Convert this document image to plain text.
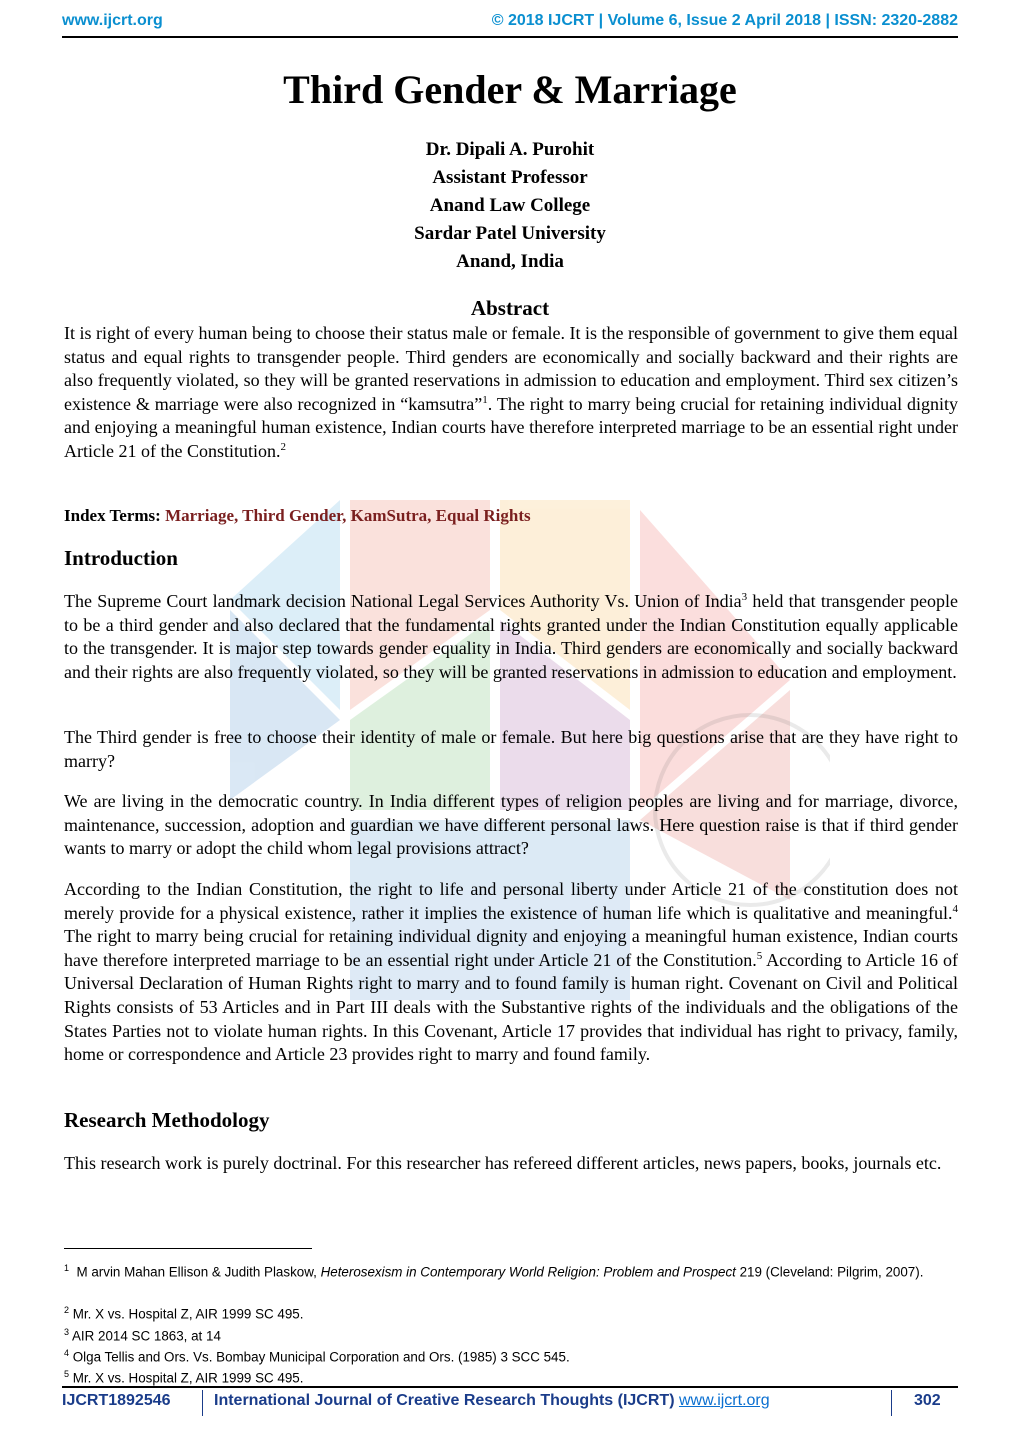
www.ijcrt.org	© 2018 IJCRT | Volume 6, Issue 2 April 2018 | ISSN: 2320-2882
Third Gender & Marriage
Dr. Dipali A. Purohit
Assistant Professor
Anand Law College
Sardar Patel University
Anand, India
Abstract
It is right of every human being to choose their status male or female. It is the responsible of government to give them equal status and equal rights to transgender people. Third genders are economically and socially backward and their rights are also frequently violated, so they will be granted reservations in admission to education and employment. Third sex citizen’s existence & marriage were also recognized in “kamsutra”$^1$. The right to marry being crucial for retaining individual dignity and enjoying a meaningful human existence, Indian courts have therefore interpreted marriage to be an essential right under Article 21 of the Constitution.$^2$
Index Terms: Marriage, Third Gender, KamSutra, Equal Rights
Introduction
The Supreme Court landmark decision National Legal Services Authority Vs. Union of India$^3$ held that transgender people to be a third gender and also declared that the fundamental rights granted under the Indian Constitution equally applicable to the transgender. It is major step towards gender equality in India. Third genders are economically and socially backward and their rights are also frequently violated, so they will be granted reservations in admission to education and employment.
The Third gender is free to choose their identity of male or female. But here big questions arise that are they have right to marry?
We are living in the democratic country. In India different types of religion peoples are living and for marriage, divorce, maintenance, succession, adoption and guardian we have different personal laws. Here question raise is that if third gender wants to marry or adopt the child whom legal provisions attract?
According to the Indian Constitution, the right to life and personal liberty under Article 21 of the constitution does not merely provide for a physical existence, rather it implies the existence of human life which is qualitative and meaningful.$^4$ The right to marry being crucial for retaining individual dignity and enjoying a meaningful human existence, Indian courts have therefore interpreted marriage to be an essential right under Article 21 of the Constitution.$^5$ According to Article 16 of Universal Declaration of Human Rights right to marry and to found family is human right. Covenant on Civil and Political Rights consists of 53 Articles and in Part III deals with the Substantive rights of the individuals and the obligations of the States Parties not to violate human rights. In this Covenant, Article 17 provides that individual has right to privacy, family, home or correspondence and Article 23 provides right to marry and found family.
Research Methodology
This research work is purely doctrinal. For this researcher has refereed different articles, news papers, books, journals etc.
$^1$ M arvin Mahan Ellison & Judith Plaskow, Heterosexism in Contemporary World Religion: Problem and Prospect 219 (Cleveland: Pilgrim, 2007).
$^2$ Mr. X vs. Hospital Z, AIR 1999 SC 495.
$^3$ AIR 2014 SC 1863, at 14
$^4$ Olga Tellis and Ors. Vs. Bombay Municipal Corporation and Ors. (1985) 3 SCC 545.
$^5$ Mr. X vs. Hospital Z, AIR 1999 SC 495.
IJCRT1892546	International Journal of Creative Research Thoughts (IJCRT) www.ijcrt.org	302
